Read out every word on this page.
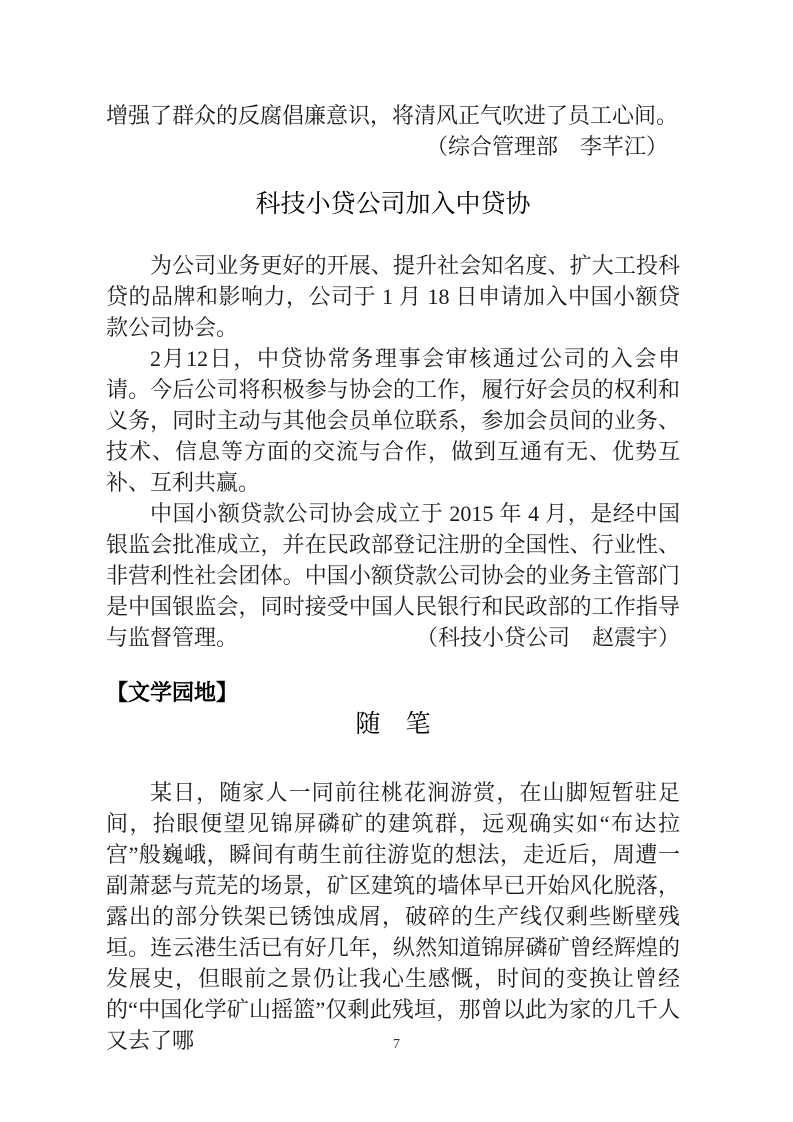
增强了群众的反腐倡廉意识，将清风正气吹进了员工心间。

（综合管理部　李芊江）

科技小贷公司加入中贷协

为公司业务更好的开展、提升社会知名度、扩大工投科贷的品牌和影响力，公司于 1 月 18 日申请加入中国小额贷款公司协会。

2月12日，中贷协常务理事会审核通过公司的入会申请。今后公司将积极参与协会的工作，履行好会员的权利和义务，同时主动与其他会员单位联系，参加会员间的业务、技术、信息等方面的交流与合作，做到互通有无、优势互补、互利共赢。

中国小额贷款公司协会成立于 2015 年 4 月，是经中国银监会批准成立，并在民政部登记注册的全国性、行业性、非营利性社会团体。中国小额贷款公司协会的业务主管部门是中国银监会，同时接受中国人民银行和民政部的工作指导与监督管理。	（科技小贷公司　赵震宇）

【文学园地】
随　笔

某日，随家人一同前往桃花涧游赏，在山脚短暂驻足间，抬眼便望见锦屏磷矿的建筑群，远观确实如“布达拉宫”般巍峨，瞬间有萌生前往游览的想法，走近后，周遭一副萧瑟与荒芜的场景，矿区建筑的墙体早已开始风化脱落，露出的部分铁架已锈蚀成屑，破碎的生产线仅剩些断壁残垣。连云港生活已有好几年，纵然知道锦屏磷矿曾经辉煌的发展史，但眼前之景仍让我心生感慨，时间的变换让曾经的“中国化学矿山摇篮”仅剩此残垣，那曾以此为家的几千人又去了哪	7
